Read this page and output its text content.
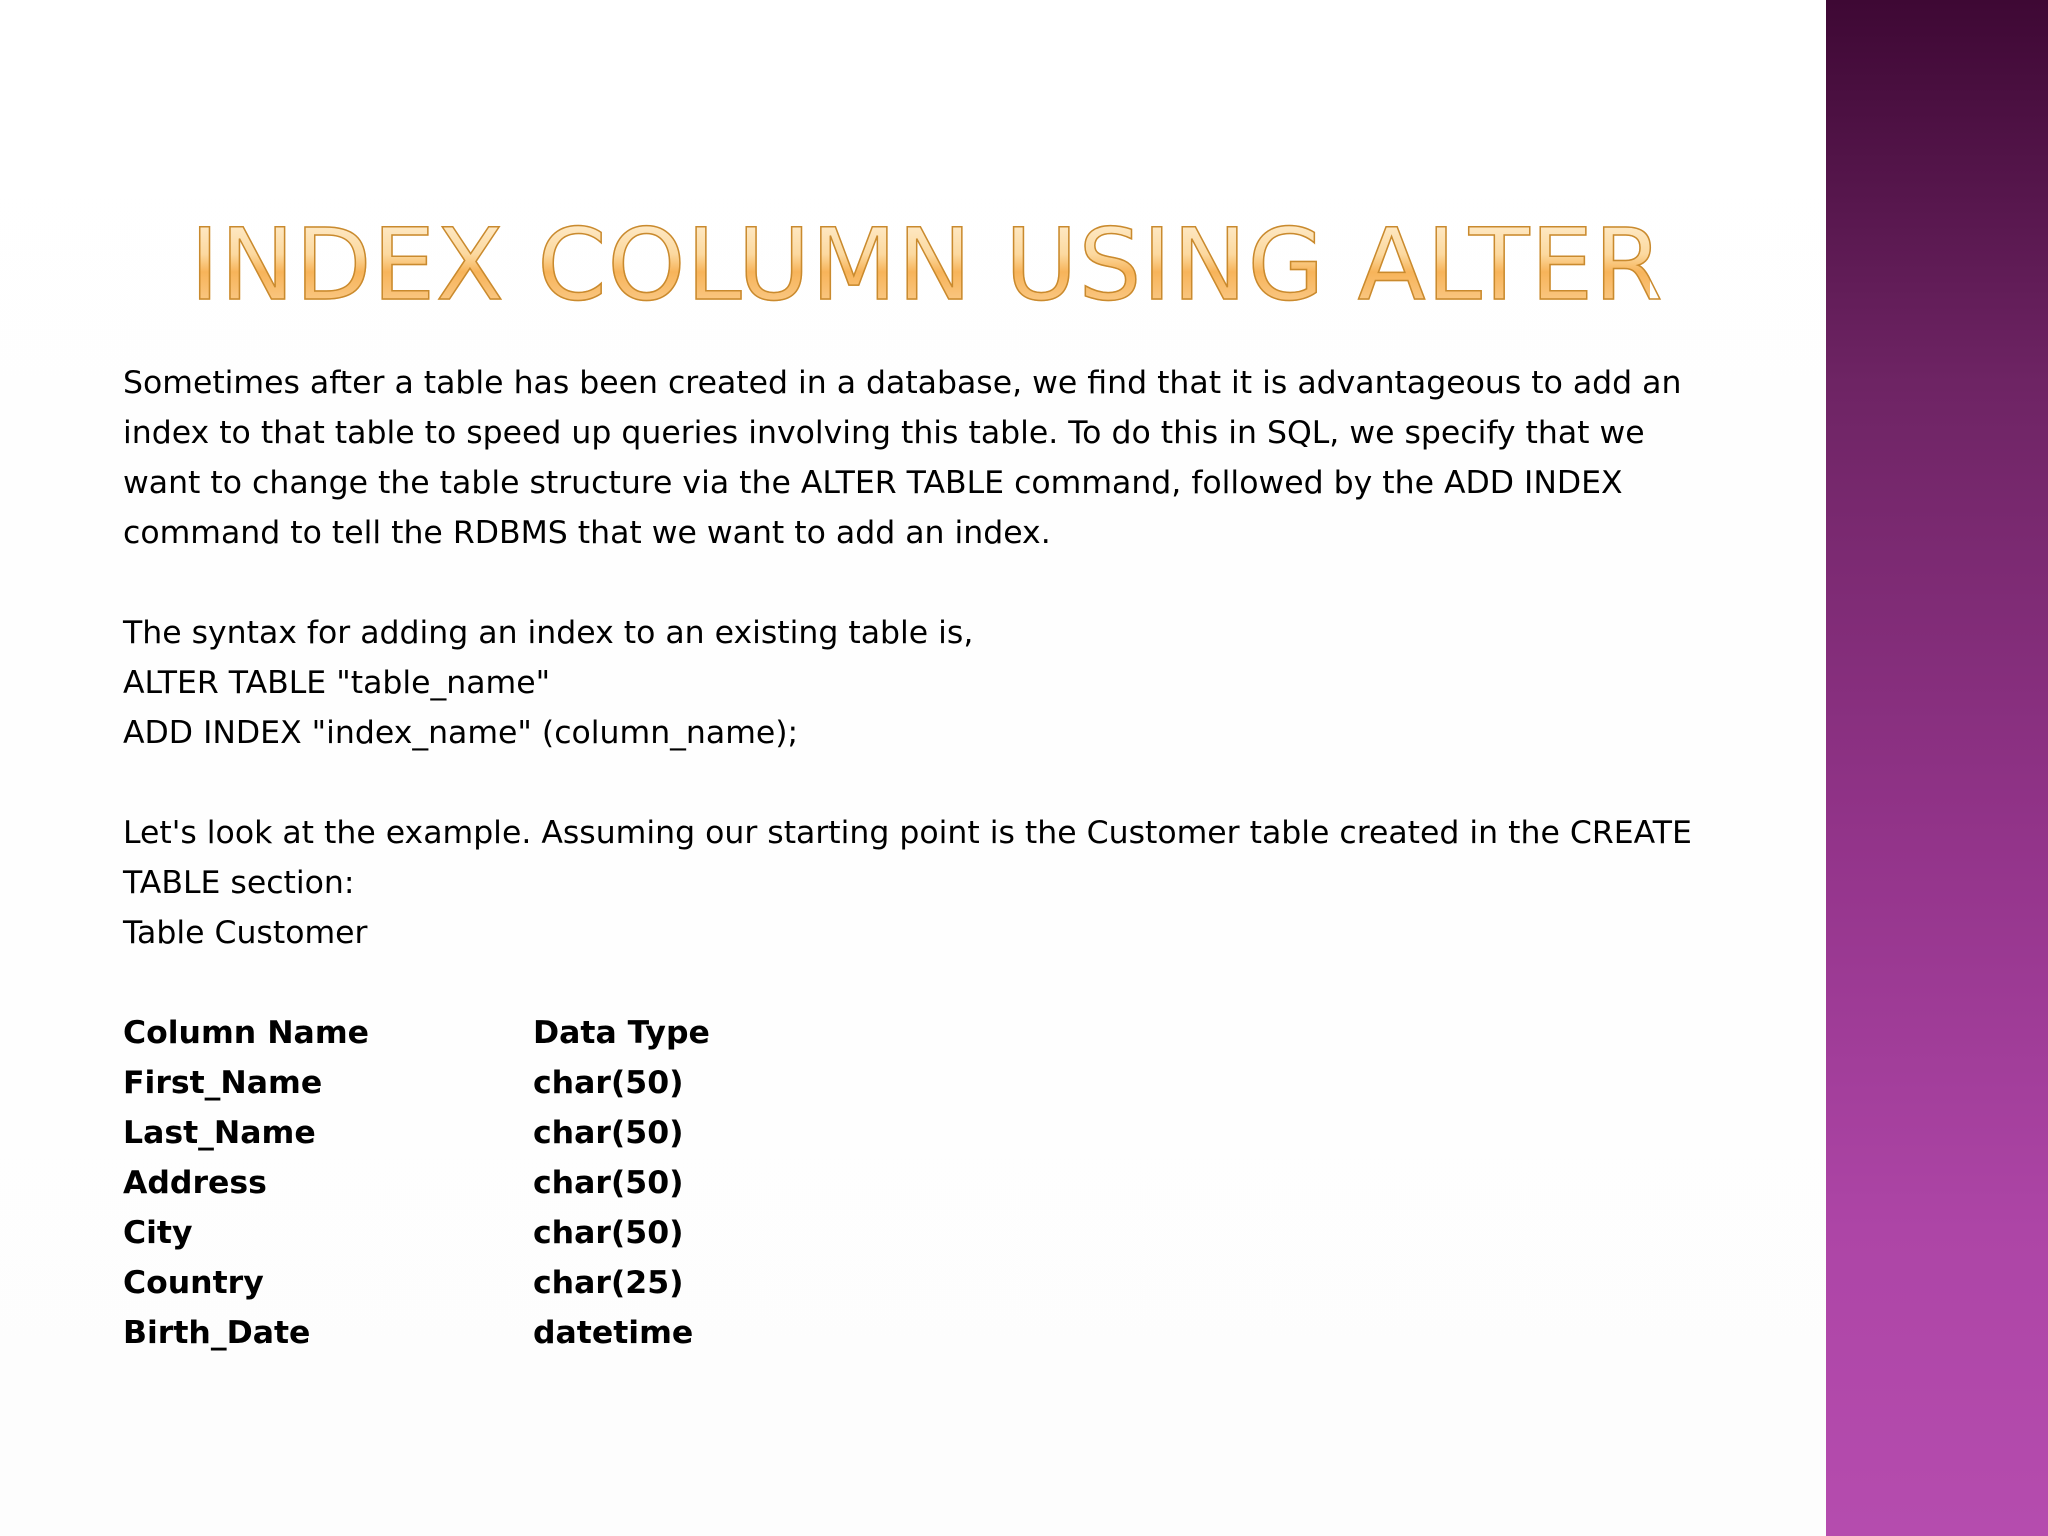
INDEX COLUMN USING ALTER

Sometimes after a table has been created in a database, we find that it is advantageous to add an
index to that table to speed up queries involving this table. To do this in SQL, we specify that we
want to change the table structure via the ALTER TABLE command, followed by the ADD INDEX
command to tell the RDBMS that we want to add an index.

The syntax for adding an index to an existing table is,
ALTER TABLE "table_name"
ADD INDEX "index_name" (column_name);

Let's look at the example. Assuming our starting point is the Customer table created in the CREATE
TABLE section:
Table Customer

Column Name	Data Type
First_Name	char(50)
Last_Name	char(50)
Address	char(50)
City	char(50)
Country	char(25)
Birth_Date	datetime
